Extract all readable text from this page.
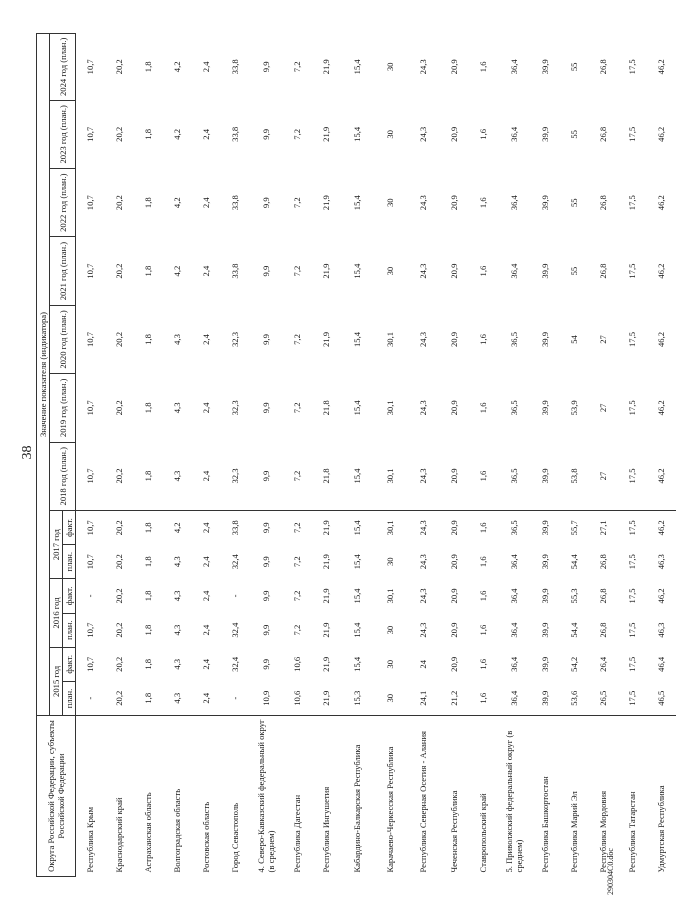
38
Округа Российской Федерации, субъекты Российской Федерации	Значение показателя (индикатора)												
	2015 год		2016 год		2017 год		2018 год (план.)	2019 год (план.)	2020 год (план.)	2021 год (план.)	2022 год (план.)	2023 год (план.)	2024 год (план.)
	план.	факт.	план.	факт.	план.	факт.							
Республика Крым	-	10,7	10,7	-	10,7	10,7	10,7	10,7	10,7	10,7	10,7	10,7	10,7
Краснодарский край	20,2	20,2	20,2	20,2	20,2	20,2	20,2	20,2	20,2	20,2	20,2	20,2	20,2
Астраханская область	1,8	1,8	1,8	1,8	1,8	1,8	1,8	1,8	1,8	1,8	1,8	1,8	1,8
Волгоградская область	4,3	4,3	4,3	4,3	4,3	4,2	4,3	4,3	4,3	4,2	4,2	4,2	4,2
Ростовская область	2,4	2,4	2,4	2,4	2,4	2,4	2,4	2,4	2,4	2,4	2,4	2,4	2,4
Город Севастополь	-	32,4	32,4	-	32,4	33,8	32,3	32,3	32,3	33,8	33,8	33,8	33,8
4. Северо-Кавказский федеральный округ (в среднем)	10,9	9,9	9,9	9,9	9,9	9,9	9,9	9,9	9,9	9,9	9,9	9,9	9,9
Республика Дагестан	10,6	10,6	7,2	7,2	7,2	7,2	7,2	7,2	7,2	7,2	7,2	7,2	7,2
Республика Ингушетия	21,9	21,9	21,9	21,9	21,9	21,9	21,8	21,8	21,9	21,9	21,9	21,9	21,9
Кабардино-Балкарская Республика	15,3	15,4	15,4	15,4	15,4	15,4	15,4	15,4	15,4	15,4	15,4	15,4	15,4
Карачаево-Черкесская Республика	30	30	30	30,1	30	30,1	30,1	30,1	30,1	30	30	30	30
Республика Северная Осетия - Алания	24,1	24	24,3	24,3	24,3	24,3	24,3	24,3	24,3	24,3	24,3	24,3	24,3
Чеченская Республика	21,2	20,9	20,9	20,9	20,9	20,9	20,9	20,9	20,9	20,9	20,9	20,9	20,9
Ставропольский край	1,6	1,6	1,6	1,6	1,6	1,6	1,6	1,6	1,6	1,6	1,6	1,6	1,6
5. Приволжский федеральный округ (в среднем)	36,4	36,4	36,4	36,4	36,4	36,5	36,5	36,5	36,5	36,4	36,4	36,4	36,4
Республика Башкортостан	39,9	39,9	39,9	39,9	39,9	39,9	39,9	39,9	39,9	39,9	39,9	39,9	39,9
Республика Марий Эл	53,6	54,2	54,4	55,3	54,4	55,7	53,8	53,9	54	55	55	55	55
Республика Мордовия	26,5	26,4	26,8	26,8	26,8	27,1	27	27	27	26,8	26,8	26,8	26,8
Республика Татарстан	17,5	17,5	17,5	17,5	17,5	17,5	17,5	17,5	17,5	17,5	17,5	17,5	17,5
Удмуртская Республика	46,5	46,4	46,3	46,2	46,3	46,2	46,2	46,2	46,2	46,2	46,2	46,2	46,2
290304C0.doc
